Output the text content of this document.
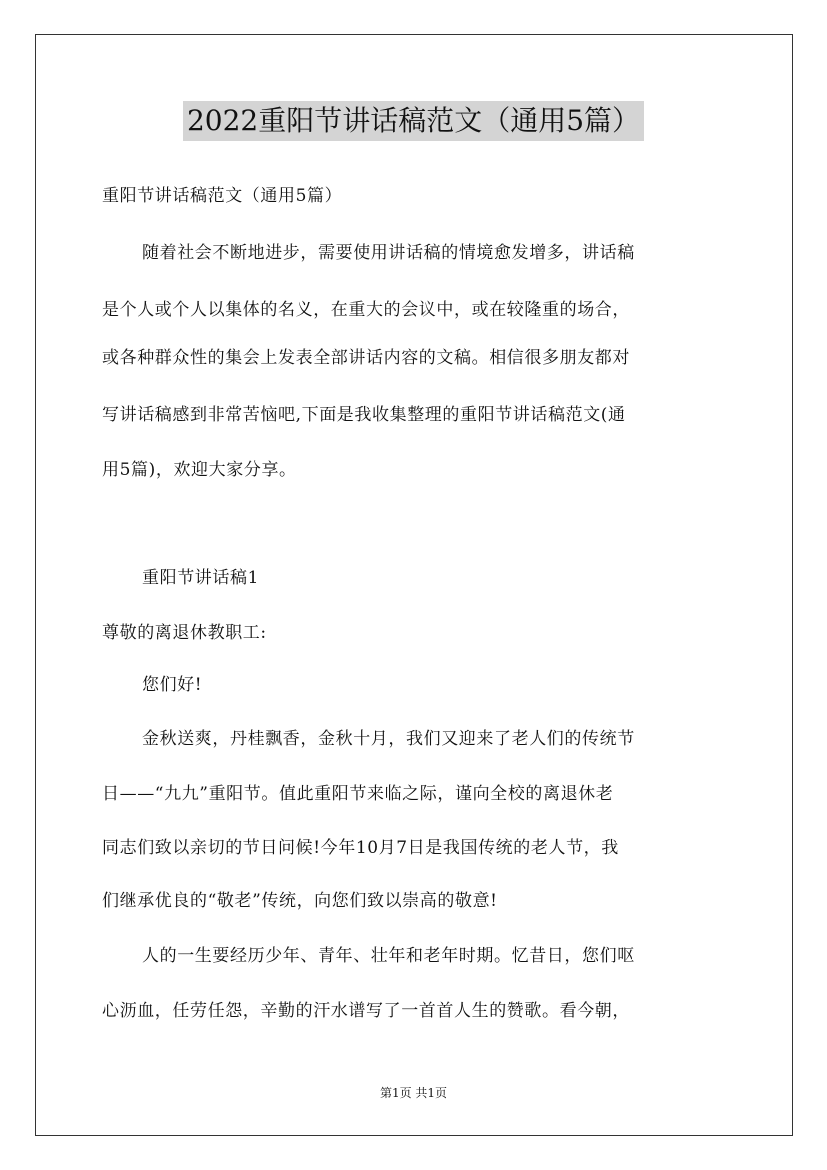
2022重阳节讲话稿范文（通用5篇）
重阳节讲话稿范文（通用5篇）
随着社会不断地进步，需要使用讲话稿的情境愈发增多，讲话稿
是个人或个人以集体的名义，在重大的会议中，或在较隆重的场合，
或各种群众性的集会上发表全部讲话内容的文稿。相信很多朋友都对
写讲话稿感到非常苦恼吧,下面是我收集整理的重阳节讲话稿范文(通
用5篇)，欢迎大家分享。
重阳节讲话稿1
尊敬的离退休教职工:
您们好!
金秋送爽，丹桂飘香，金秋十月，我们又迎来了老人们的传统节
日——“九九”重阳节。值此重阳节来临之际，谨向全校的离退休老
同志们致以亲切的节日问候!今年10月7日是我国传统的老人节，我
们继承优良的“敬老”传统，向您们致以崇高的敬意!
人的一生要经历少年、青年、壮年和老年时期。忆昔日，您们呕
心沥血，任劳任怨，辛勤的汗水谱写了一首首人生的赞歌。看今朝，
第1页 共1页
